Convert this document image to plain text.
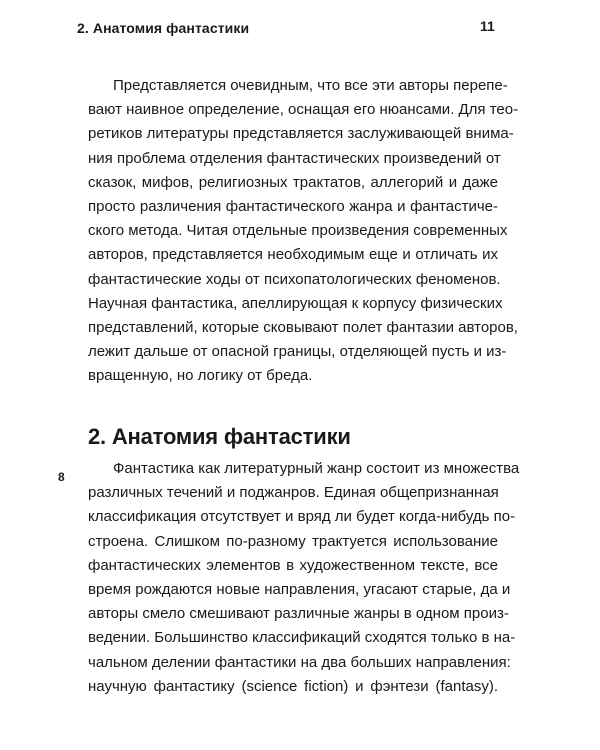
2. Анатомия фантастики	11
Представляется очевидным, что все эти авторы перепе-
вают наивное определение, оснащая его нюансами. Для тео-
ретиков литературы представляется заслуживающей внима-
ния проблема отделения фантастических произведений от
сказок, мифов, религиозных трактатов, аллегорий и даже
просто различения фантастического жанра и фантастиче-
ского метода. Читая отдельные произведения современных
авторов, представляется необходимым еще и отличать их
фантастические ходы от психопатологических феноменов.
Научная фантастика, апеллирующая к корпусу физических
представлений, которые сковывают полет фантазии авторов,
лежит дальше от опасной границы, отделяющей пусть и из-
вращенную, но логику от бреда.
2. Анатомия фантастики
8	Фантастика как литературный жанр состоит из множества
различных течений и поджанров. Единая общепризнанная
классификация отсутствует и вряд ли будет когда-нибудь по-
строена. Слишком по-разному трактуется использование
фантастических элементов в художественном тексте, все
время рождаются новые направления, угасают старые, да и
авторы смело смешивают различные жанры в одном произ-
ведении. Большинство классификаций сходятся только в на-
чальном делении фантастики на два больших направления:
научную фантастику (science fiction) и фэнтези (fantasy).
